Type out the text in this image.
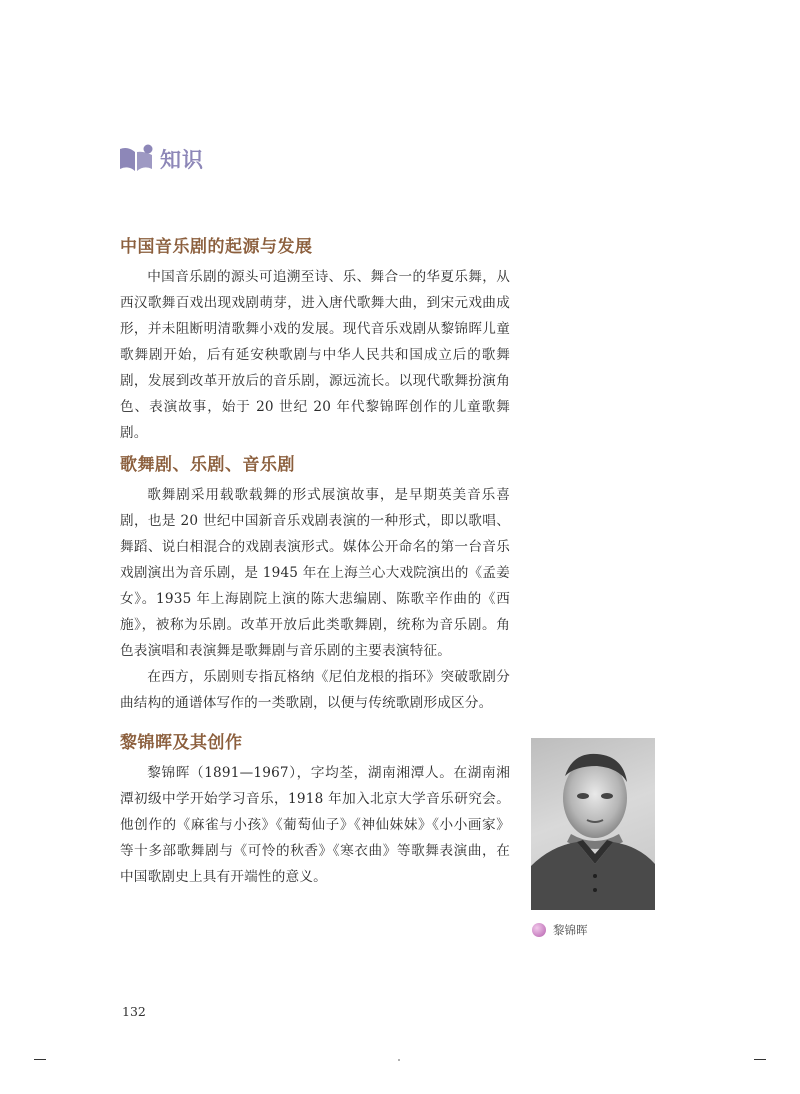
知识
中国音乐剧的起源与发展

中国音乐剧的源头可追溯至诗、乐、舞合一的华夏乐舞，从西汉歌舞百戏出现戏剧萌芽，进入唐代歌舞大曲，到宋元戏曲成形，并未阻断明清歌舞小戏的发展。现代音乐戏剧从黎锦晖儿童歌舞剧开始，后有延安秧歌剧与中华人民共和国成立后的歌舞剧，发展到改革开放后的音乐剧，源远流长。以现代歌舞扮演角色、表演故事，始于 20 世纪 20 年代黎锦晖创作的儿童歌舞剧。

歌舞剧、乐剧、音乐剧

歌舞剧采用载歌载舞的形式展演故事，是早期英美音乐喜剧，也是 20 世纪中国新音乐戏剧表演的一种形式，即以歌唱、舞蹈、说白相混合的戏剧表演形式。媒体公开命名的第一台音乐戏剧演出为音乐剧，是 1945 年在上海兰心大戏院演出的《孟姜女》。1935 年上海剧院上演的陈大悲编剧、陈歌辛作曲的《西施》，被称为乐剧。改革开放后此类歌舞剧，统称为音乐剧。角色表演唱和表演舞是歌舞剧与音乐剧的主要表演特征。

在西方，乐剧则专指瓦格纳《尼伯龙根的指环》突破歌剧分曲结构的通谱体写作的一类歌剧，以便与传统歌剧形成区分。

黎锦晖及其创作

黎锦晖（1891—1967），字均荃，湖南湘潭人。在湖南湘潭初级中学开始学习音乐，1918 年加入北京大学音乐研究会。他创作的《麻雀与小孩》《葡萄仙子》《神仙妹妹》《小小画家》等十多部歌舞剧与《可怜的秋香》《寒衣曲》等歌舞表演曲，在中国歌剧史上具有开端性的意义。

黎锦晖
132
